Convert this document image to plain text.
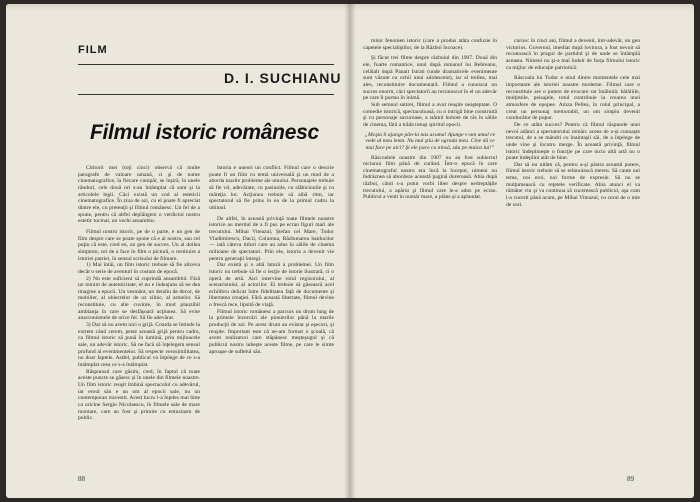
FILM
D. I. SUCHIANU
Filmul istoric românesc

Cititorii mei (toţi cinci) observă că multe paragrafe de valoare umană, ci şi de nume cinematografice, la fiecare cumpăr, se înşiră, în unele rânduri, cele două ori s-au întâmplat că sunt şi la articolele legii. Câci există un cod al esteticii cinematografice. În ziua de azi, cu el poate fi apreciat dintre ele, cu pretenţii şi filmul românesc. Un fel de a spune, pentru că altfel deplângem o verdictul nostru estetic tocmai, un vechi ansamblu.

Filmul nostru istoric, pe de o parte, e un gen de film despre care se poate spune că e al nostru, sau cel puţin că este, cred eu, un gen de succes. Un al doilea simptom, cel de a face în film o pictură, o restituire a istoriei patriei, în sensul scrisului de filmare.

1) Mai întâi, un film istoric trebuie să fie altceva decât o serie de aventuri în costum de epocă.

2) Nu este suficient să cuprindă ansamblul. Fără un minim de autenticitate, el nu e îndeajuns să ne dea imagine a epocii. Un vesmânt, un detaliu de decor, de mobilier, al obiectelor de uz zilnic, al armelor. Să reconstituie, cu alte cuvinte, în mod plauzibil ambianţa în care se desfăşoară acţiunea. Să evite anacronismele de orice fel. Să fie adevărat.

3) Dar să nu avem nici o grijă. Coarda se întinde la extrem când cerem, peste această grijă pentru cadru, ca filmul istoric să pună în lumină, prin mijloacele sale, un adevăr istoric. Să ne facă să înţelegem sensul profund al evenimentelor. Să respecte verosimilitatea, nu doar faptele. Astfel, publicul va înţelege de ce s-a întâmplat ceea ce s-a întâmplat.

Răspunsul care găsim, cred, în faptul că toate aceste puncte se găsesc şi în unele din filmele noastre. Un film istoric reuşit îmbină spectacolul cu adevărul, iar eroul său e un om al epocii sale, nu un contemporan travestit. Acest lucru l-a înţeles mai bine ca oricine Sergiu Nicolaescu, în filmele sale de mare montare, care au fost şi primite cu entuziasm de public.

Istoria e uneori un conflict. Filmul care o descrie poate fi un film cu temă universală şi un mod de a aborda marile probleme ale omului. Personajele trebuie să fie vii, adevărate, cu pasiunile, cu slăbiciunile şi cu măreţia lor. Acţiunea trebuie să aibă ritm, iar spectatorul să fie prins în ea de la primul cadru la ultimul.

De altfel, în această privinţă toate filmele noastre istorice au meritul de a fi pus pe ecran figuri mari ale trecutului. Mihai Viteazul, Ştefan cel Mare, Tudor Vladimirescu, Dacii, Columna, Răzbunarea haiducilor — iată câteva titluri care au adus în sălile de cinema milioane de spectatori. Prin ele, istoria a devenit vie pentru generaţii întregi.

Dar există şi o altă latură a problemei. Un film istoric nu trebuie să fie o lecţie de istorie ilustrată, ci o operă de artă. Aici intervine rolul regizorului, al scenaristului, al actorilor. Ei trebuie să găsească acel echilibru delicat între fidelitatea faţă de documente şi libertatea creaţiei. Fără această libertate, filmul devine o frescă rece, lipsită de viaţă.

Filmul istoric românesc a parcurs un drum lung de la primele încercări ale pionierilor până la marile producţii de azi. Pe acest drum au existat şi eşecuri, şi reuşite. Important este că ne-am format o şcoală, că avem realizatori care stăpânesc meşteşugul şi că publicul nostru iubeşte aceste filme, pe care le simte aproape de sufletul său.

88

mitor fenomen istoric (care a produs atâta confuzie în capetele specialiştilor, de la Război încoace).

Şi făcut trei filme despre războiul din 1907. Două din ele, foarte romantice, unul după romanul lui Rebreanu, celălalt după Panait Istrati (unde dramaticele evenimente sunt văzute cu ochii unui adolescent), iar al treilea, mai ales, reconstituire documentară. Filmul a cunoscut un succes enorm, câci spectatorii au recunoscut în el un adevăr pe care îl purtau în inimă.

Sub semnul satirei, filmul a avut reuşite neaşteptate. O comedie istorică, spectaculoasă, cu o intrigă bine construită şi cu personaje savuroase, a stârnit hohote de râs în sălile de cinema, fără a trăda totuşi spiritul epocii.

„Moşia îi ajunge pân-la nas acuma! Ajunge v-am umul ce vede al meu lemn. Nu mai ştiu de ograda mea. Cine dă ce mai face pe aici? Şi ele pace ca ninsă, zău pe muica lui!”

Răscoalele noastre din 1907 nu au fost subiectul niciunui film până de curând. Într-o epocă în care cinematograful nostru era încă la început, nimeni nu îndrăznea să abordeze această pagină dureroasă. Abia după război, când s-a putut vorbi liber despre nedreptăţile trecutului, a apărut şi filmul care le-a adus pe ecran. Publicul a venit în număr mare, a plâns şi a aplaudat.

curios: în cinci ani, filmul a devenit, într-adevăr, un gen victorios. Guvernul, imediat după lovitura, a fost nevoit să recunoască în pragul de partidul şi de unde se întâmplă aceasta. Nimeni nu şi-a mai îndoit de forţa filmului istoric ca mijloc de educaţie patriotică.

Răscoala lui Tudor e unul dintre momentele cele mai importante ale istoriei noastre moderne. Filmul care o reconstituie are o putere de evocare rar întâlnită: bătăliile, mulţimile, peisajele, totul contribuie la crearea unei atmosfere de epopee. Amza Pellea, în rolul principal, a creat un personaj memorabil, un om simplu devenit conducător de popor.

De ce atâta succes? Pentru că filmul răspunde unei nevoi adânci a spectatorului român: aceea de a-şi cunoaşte trecutul, de a se mândri cu înaintaşii săi, de a înţelege de unde vine şi încotro merge. În această privinţă, filmul istoric îndeplineşte o funcţie pe care nicio altă artă nu o poate îndeplini atât de bine.

Dar să nu uităm că, pentru a-şi păstra această putere, filmul istoric trebuie să se reînnoiască mereu. Să caute noi teme, noi eroi, noi forme de expresie. Să nu se mulţumească cu reţetele verificate. Abia atunci el va rămâne viu şi va continua să cucerească publicul, aşa cum l-a cucerit până acum, pe Mihai Viteazul, cu cerul de o mie de sori.

89
